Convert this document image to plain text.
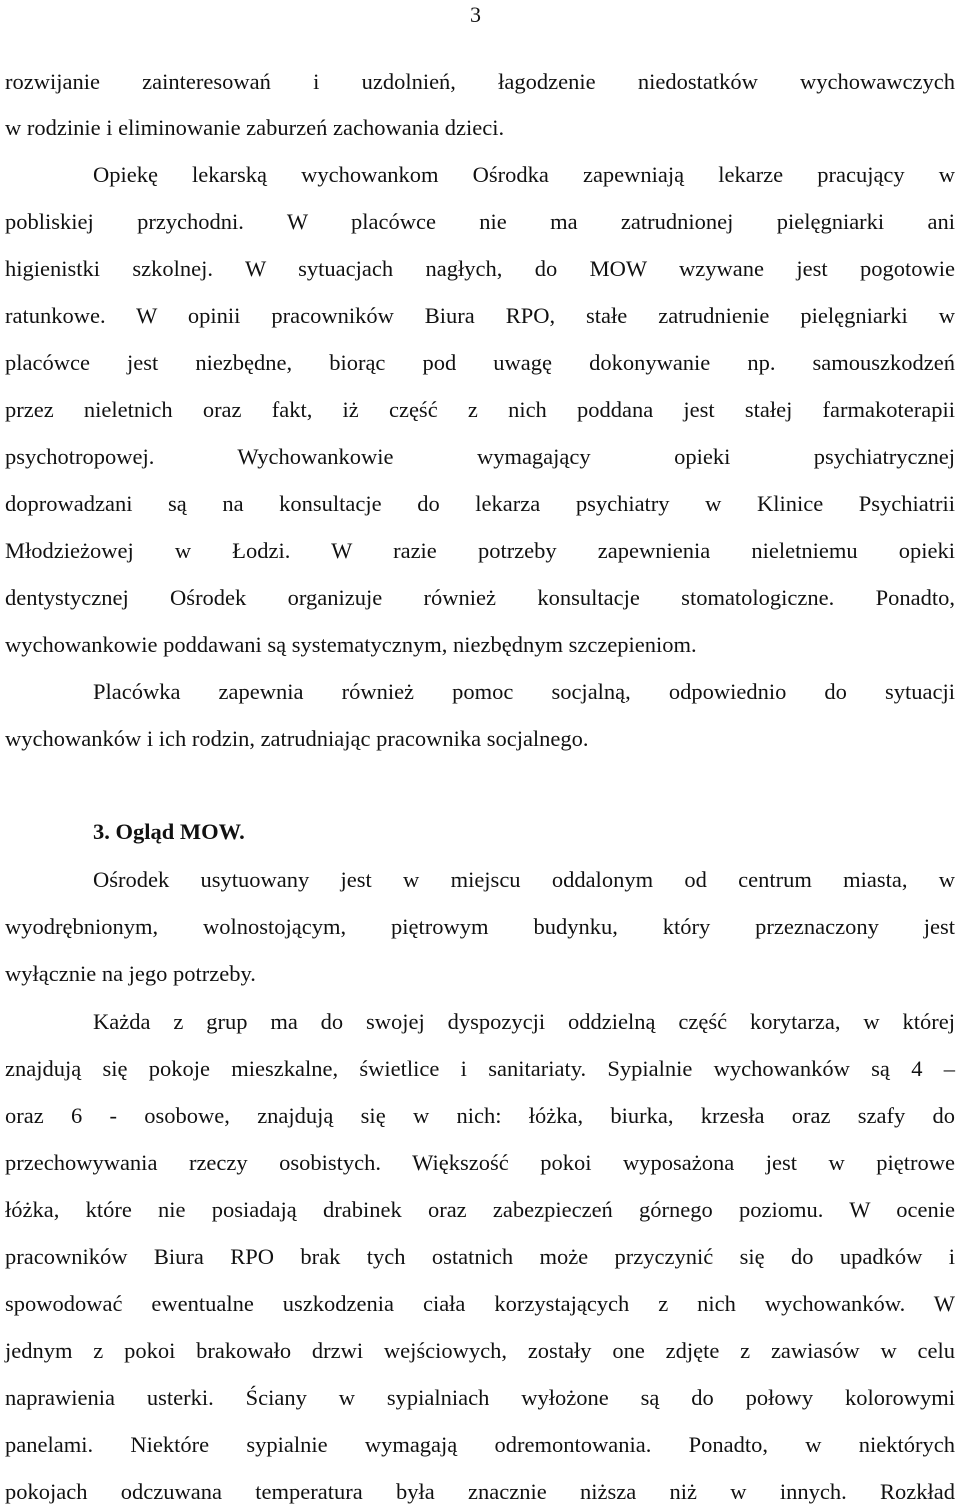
3
rozwijanie zainteresowań i uzdolnień, łagodzenie niedostatków wychowawczych
w rodzinie i eliminowanie zaburzeń zachowania dzieci.
Opiekę lekarską wychowankom Ośrodka zapewniają lekarze pracujący w
pobliskiej przychodni. W placówce nie ma zatrudnionej pielęgniarki ani
higienistki szkolnej. W sytuacjach nagłych, do MOW wzywane jest pogotowie
ratunkowe. W opinii pracowników Biura RPO, stałe zatrudnienie pielęgniarki w
placówce jest niezbędne, biorąc pod uwagę dokonywanie np. samouszkodzeń
przez nieletnich oraz fakt, iż część z nich poddana jest stałej farmakoterapii
psychotropowej. Wychowankowie wymagający opieki psychiatrycznej
doprowadzani są na konsultacje do lekarza psychiatry w Klinice Psychiatrii
Młodzieżowej w Łodzi. W razie potrzeby zapewnienia nieletniemu opieki
dentystycznej Ośrodek organizuje również konsultacje stomatologiczne. Ponadto,
wychowankowie poddawani są systematycznym, niezbędnym szczepieniom.
Placówka zapewnia również pomoc socjalną, odpowiednio do sytuacji
wychowanków i ich rodzin, zatrudniając pracownika socjalnego.
3. Ogląd MOW.
Ośrodek usytuowany jest w miejscu oddalonym od centrum miasta, w
wyodrębnionym, wolnostojącym, piętrowym budynku, który przeznaczony jest
wyłącznie na jego potrzeby.
Każda z grup ma do swojej dyspozycji oddzielną część korytarza, w której
znajdują się pokoje mieszkalne, świetlice i sanitariaty. Sypialnie wychowanków są 4 –
oraz 6 - osobowe, znajdują się w nich: łóżka, biurka, krzesła oraz szafy do
przechowywania rzeczy osobistych. Większość pokoi wyposażona jest w piętrowe
łóżka, które nie posiadają drabinek oraz zabezpieczeń górnego poziomu. W ocenie
pracowników Biura RPO brak tych ostatnich może przyczynić się do upadków i
spowodować ewentualne uszkodzenia ciała korzystających z nich wychowanków. W
jednym z pokoi brakowało drzwi wejściowych, zostały one zdjęte z zawiasów w celu
naprawienia usterki. Ściany w sypialniach wyłożone są do połowy kolorowymi
panelami. Niektóre sypialnie wymagają odremontowania. Ponadto, w niektórych
pokojach odczuwana temperatura była znacznie niższa niż w innych. Rozkład
